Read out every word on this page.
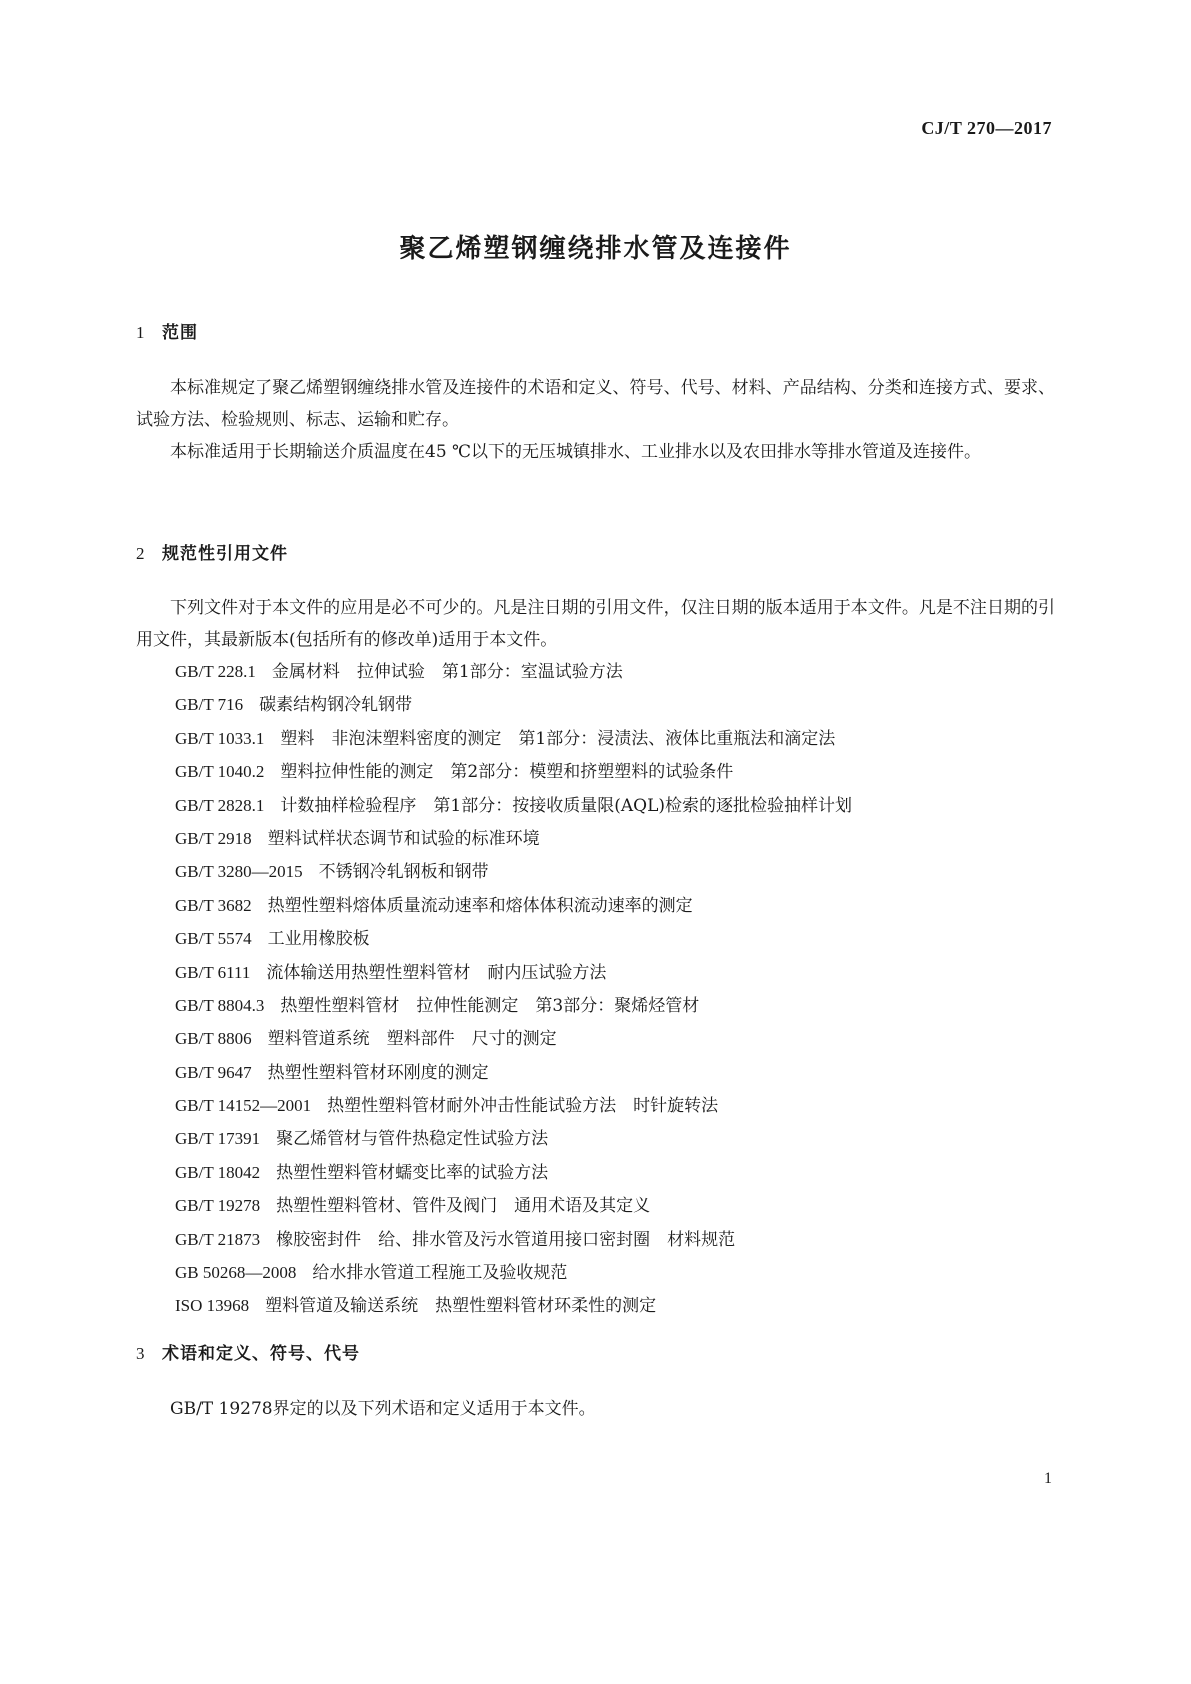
CJ/T 270—2017
聚乙烯塑钢缠绕排水管及连接件
1 范围

本标准规定了聚乙烯塑钢缠绕排水管及连接件的术语和定义、符号、代号、材料、产品结构、分类和连接方式、要求、试验方法、检验规则、标志、运输和贮存。

本标准适用于长期输送介质温度在45 ℃以下的无压城镇排水、工业排水以及农田排水等排水管道及连接件。

2 规范性引用文件

下列文件对于本文件的应用是必不可少的。凡是注日期的引用文件，仅注日期的版本适用于本文件。凡是不注日期的引用文件，其最新版本(包括所有的修改单)适用于本文件。

GB/T 228.1 金属材料　拉伸试验　第1部分：室温试验方法
GB/T 716 碳素结构钢冷轧钢带
GB/T 1033.1 塑料　非泡沫塑料密度的测定　第1部分：浸渍法、液体比重瓶法和滴定法
GB/T 1040.2 塑料拉伸性能的测定　第2部分：模塑和挤塑塑料的试验条件
GB/T 2828.1 计数抽样检验程序　第1部分：按接收质量限(AQL)检索的逐批检验抽样计划
GB/T 2918 塑料试样状态调节和试验的标准环境
GB/T 3280—2015 不锈钢冷轧钢板和钢带
GB/T 3682 热塑性塑料熔体质量流动速率和熔体体积流动速率的测定
GB/T 5574 工业用橡胶板
GB/T 6111 流体输送用热塑性塑料管材　耐内压试验方法
GB/T 8804.3 热塑性塑料管材　拉伸性能测定　第3部分：聚烯烃管材
GB/T 8806 塑料管道系统　塑料部件　尺寸的测定
GB/T 9647 热塑性塑料管材环刚度的测定
GB/T 14152—2001 热塑性塑料管材耐外冲击性能试验方法　时针旋转法
GB/T 17391 聚乙烯管材与管件热稳定性试验方法
GB/T 18042 热塑性塑料管材蠕变比率的试验方法
GB/T 19278 热塑性塑料管材、管件及阀门　通用术语及其定义
GB/T 21873 橡胶密封件　给、排水管及污水管道用接口密封圈　材料规范
GB 50268—2008 给水排水管道工程施工及验收规范
ISO 13968 塑料管道及输送系统　热塑性塑料管材环柔性的测定
3 术语和定义、符号、代号

GB/T 19278界定的以及下列术语和定义适用于本文件。

1
